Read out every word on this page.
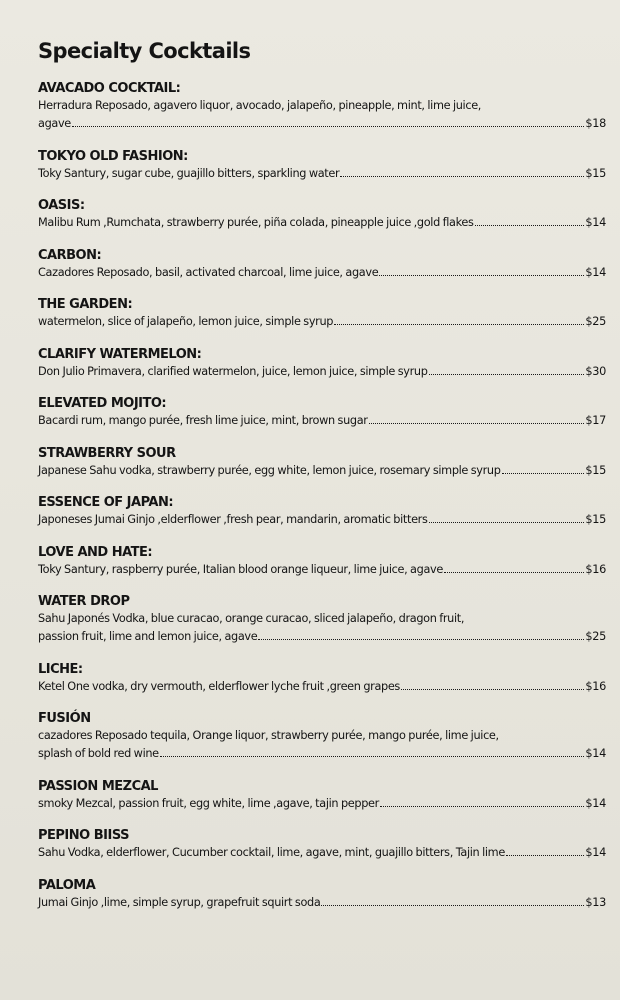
Specialty Cocktails
AVACADO COCKTAIL:
Herradura Reposado, agavero liquor, avocado, jalapeño, pineapple, mint, lime juice,
agave	$18
TOKYO OLD FASHION:
Toky Santury, sugar cube, guajillo bitters, sparkling water	$15
OASIS:
Malibu Rum ,Rumchata, strawberry purée, piña colada, pineapple juice ,gold flakes	$14
CARBON:
Cazadores Reposado, basil, activated charcoal, lime juice, agave	$14
THE GARDEN:
watermelon, slice of jalapeño, lemon juice, simple syrup	$25
CLARIFY WATERMELON:
Don Julio Primavera, clarified watermelon, juice, lemon juice, simple syrup	$30
ELEVATED MOJITO:
Bacardi rum, mango purée, fresh lime juice, mint, brown sugar	$17
STRAWBERRY SOUR
Japanese Sahu vodka, strawberry purée, egg white, lemon juice, rosemary simple syrup	$15
ESSENCE OF JAPAN:
Japoneses Jumai Ginjo ,elderflower ,fresh pear, mandarin, aromatic bitters	$15
LOVE AND HATE:
Toky Santury, raspberry purée, Italian blood orange liqueur, lime juice, agave	$16
WATER DROP
Sahu Japonés Vodka, blue curacao, orange curacao, sliced jalapeño, dragon fruit,
passion fruit, lime and lemon juice, agave	$25
LICHE:
Ketel One vodka, dry vermouth, elderflower lyche fruit ,green grapes	$16
FUSIÓN
cazadores Reposado tequila, Orange liquor, strawberry purée, mango purée, lime juice,
splash of bold red wine	$14
PASSION MEZCAL
smoky Mezcal, passion fruit, egg white, lime ,agave, tajin pepper	$14
PEPINO BIISS
Sahu Vodka, elderflower, Cucumber cocktail, lime, agave, mint, guajillo bitters, Tajin lime	$14
PALOMA
Jumai Ginjo ,lime, simple syrup, grapefruit squirt soda	$13
